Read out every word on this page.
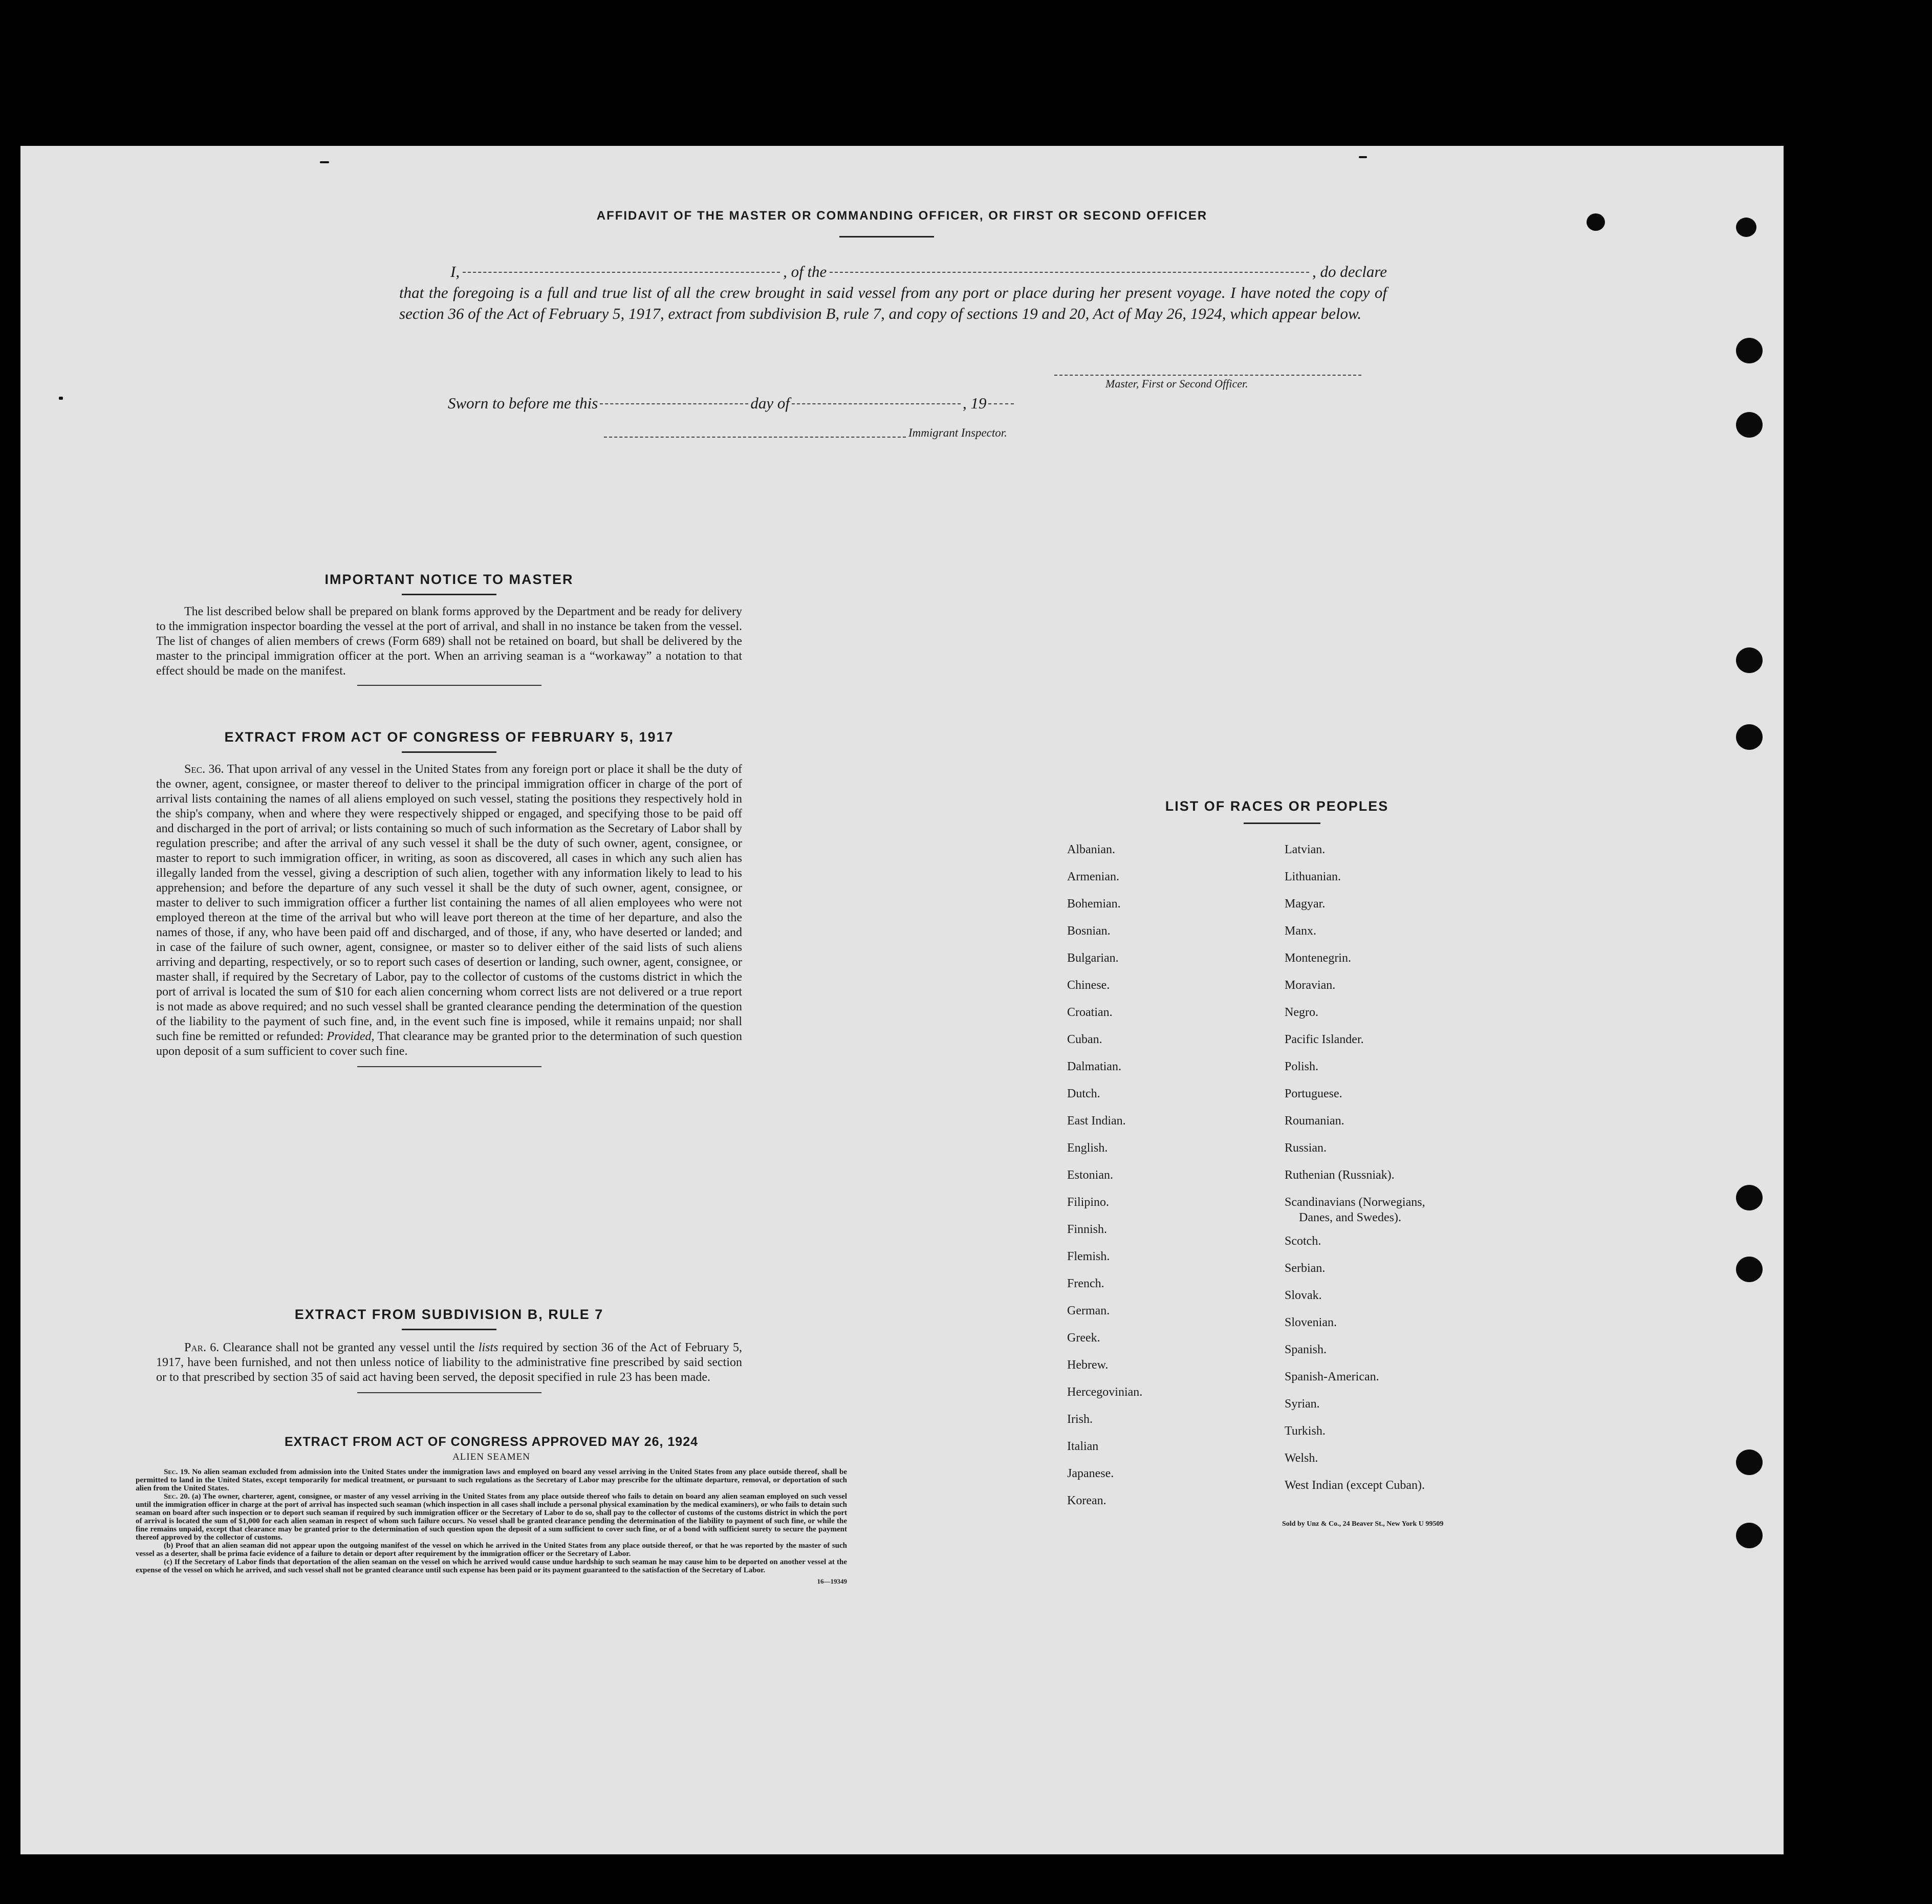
AFFIDAVIT OF THE MASTER OR COMMANDING OFFICER, OR FIRST OR SECOND OFFICER
I,	, of the	, do declare
that the foregoing is a full and true list of all the crew brought in said vessel from any port or place during her present voyage. I have noted the copy of section 36 of the Act of February 5, 1917, extract from subdivision B, rule 7, and copy of sections 19 and 20, Act of May 26, 1924, which appear below.
Master, First or Second Officer.
Sworn to before me this	day of	, 19
Immigrant Inspector.
IMPORTANT NOTICE TO MASTER

The list described below shall be prepared on blank forms approved by the Department and be ready for delivery to the immigration inspector boarding the vessel at the port of arrival, and shall in no instance be taken from the vessel. The list of changes of alien members of crews (Form 689) shall not be retained on board, but shall be delivered by the master to the principal immigration officer at the port. When an arriving seaman is a “workaway” a notation to that effect should be made on the manifest.

EXTRACT FROM ACT OF CONGRESS OF FEBRUARY 5, 1917

Sec. 36. That upon arrival of any vessel in the United States from any foreign port or place it shall be the duty of the owner, agent, consignee, or master thereof to deliver to the principal immigration officer in charge of the port of arrival lists containing the names of all aliens employed on such vessel, stating the positions they respectively hold in the ship's company, when and where they were respectively shipped or engaged, and specifying those to be paid off and discharged in the port of arrival; or lists containing so much of such information as the Secretary of Labor shall by regulation prescribe; and after the arrival of any such vessel it shall be the duty of such owner, agent, consignee, or master to report to such immigration officer, in writing, as soon as discovered, all cases in which any such alien has illegally landed from the vessel, giving a description of such alien, together with any information likely to lead to his apprehension; and before the departure of any such vessel it shall be the duty of such owner, agent, consignee, or master to deliver to such immigration officer a further list containing the names of all alien employees who were not employed thereon at the time of the arrival but who will leave port thereon at the time of her departure, and also the names of those, if any, who have been paid off and discharged, and of those, if any, who have deserted or landed; and in case of the failure of such owner, agent, consignee, or master so to deliver either of the said lists of such aliens arriving and departing, respectively, or so to report such cases of desertion or landing, such owner, agent, consignee, or master shall, if required by the Secretary of Labor, pay to the collector of customs of the customs district in which the port of arrival is located the sum of $10 for each alien concerning whom correct lists are not delivered or a true report is not made as above required; and no such vessel shall be granted clearance pending the determination of the question of the liability to the payment of such fine, and, in the event such fine is imposed, while it remains unpaid; nor shall such fine be remitted or refunded: Provided, That clearance may be granted prior to the determination of such question upon deposit of a sum sufficient to cover such fine.

EXTRACT FROM SUBDIVISION B, RULE 7

Par. 6. Clearance shall not be granted any vessel until the lists required by section 36 of the Act of February 5, 1917, have been furnished, and not then unless notice of liability to the administrative fine prescribed by said section or to that prescribed by section 35 of said act having been served, the deposit specified in rule 23 has been made.

EXTRACT FROM ACT OF CONGRESS APPROVED MAY 26, 1924
ALIEN SEAMEN

Sec. 19. No alien seaman excluded from admission into the United States under the immigration laws and employed on board any vessel arriving in the United States from any place outside thereof, shall be permitted to land in the United States, except temporarily for medical treatment, or pursuant to such regulations as the Secretary of Labor may prescribe for the ultimate departure, removal, or deportation of such alien from the United States.

Sec. 20. (a) The owner, charterer, agent, consignee, or master of any vessel arriving in the United States from any place outside thereof who fails to detain on board any alien seaman employed on such vessel until the immigration officer in charge at the port of arrival has inspected such seaman (which inspection in all cases shall include a personal physical examination by the medical examiners), or who fails to detain such seaman on board after such inspection or to deport such seaman if required by such immigration officer or the Secretary of Labor to do so, shall pay to the collector of customs of the customs district in which the port of arrival is located the sum of $1,000 for each alien seaman in respect of whom such failure occurs. No vessel shall be granted clearance pending the determination of the liability to payment of such fine, or while the fine remains unpaid, except that clearance may be granted prior to the determination of such question upon the deposit of a sum sufficient to cover such fine, or of a bond with sufficient surety to secure the payment thereof approved by the collector of customs.

(b) Proof that an alien seaman did not appear upon the outgoing manifest of the vessel on which he arrived in the United States from any place outside thereof, or that he was reported by the master of such vessel as a deserter, shall be prima facie evidence of a failure to detain or deport after requirement by the immigration officer or the Secretary of Labor.

(c) If the Secretary of Labor finds that deportation of the alien seaman on the vessel on which he arrived would cause undue hardship to such seaman he may cause him to be deported on another vessel at the expense of the vessel on which he arrived, and such vessel shall not be granted clearance until such expense has been paid or its payment guaranteed to the satisfaction of the Secretary of Labor.

16—19349
LIST OF RACES OR PEOPLES
Albanian.
Armenian.
Bohemian.
Bosnian.
Bulgarian.
Chinese.
Croatian.
Cuban.
Dalmatian.
Dutch.
East Indian.
English.
Estonian.
Filipino.
Finnish.
Flemish.
French.
German.
Greek.
Hebrew.
Hercegovinian.
Irish.
Italian
Japanese.
Korean.
Latvian.
Lithuanian.
Magyar.
Manx.
Montenegrin.
Moravian.
Negro.
Pacific Islander.
Polish.
Portuguese.
Roumanian.
Russian.
Ruthenian (Russniak).
Scandinavians (Norwegians,
Danes, and Swedes).
Scotch.
Serbian.
Slovak.
Slovenian.
Spanish.
Spanish-American.
Syrian.
Turkish.
Welsh.
West Indian (except Cuban).
Sold by Unz & Co., 24 Beaver St., New York U 99509
